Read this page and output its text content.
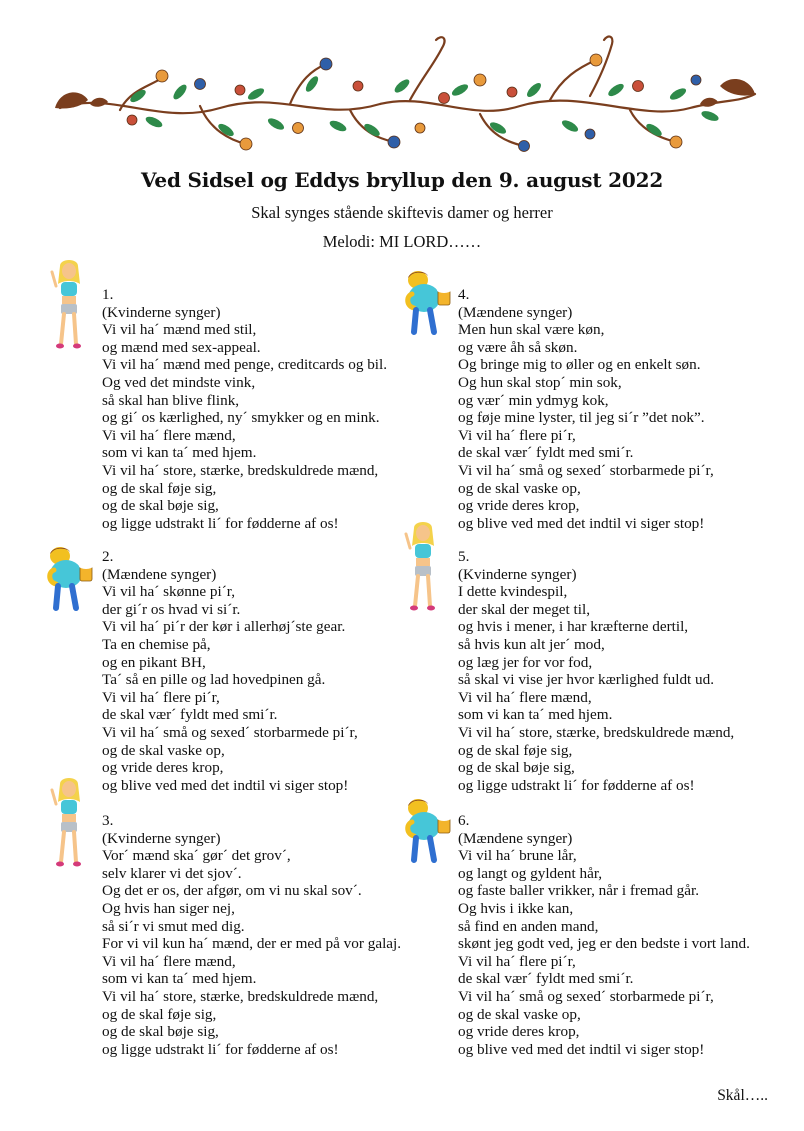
Ved Sidsel og Eddys bryllup den 9. august 2022
Skal synges stående skiftevis damer og herrer
Melodi: MI LORD……
1.
(Kvinderne synger)
Vi vil ha´ mænd med stil,
og mænd med sex-appeal.
Vi vil ha´ mænd med penge, creditcards og bil.
Og ved det mindste vink,
så skal han blive flink,
og gi´ os kærlighed, ny´ smykker og en mink.
Vi vil ha´ flere mænd,
som vi kan ta´ med hjem.
Vi vil ha´ store, stærke, bredskuldrede mænd,
og de skal føje sig,
og de skal bøje sig,
og ligge udstrakt li´ for fødderne af os!
2.
(Mændene synger)
Vi vil ha´ skønne pi´r,
der gi´r os hvad vi si´r.
Vi vil ha´ pi´r der kør i allerhøj´ste gear.
Ta en chemise på,
og en pikant BH,
Ta´ så en pille og lad hovedpinen gå.
Vi vil ha´ flere pi´r,
de skal vær´ fyldt med smi´r.
Vi vil ha´ små og sexed´ storbarmede pi´r,
og de skal vaske op,
og vride deres krop,
og blive ved med det indtil vi siger stop!
3.
(Kvinderne synger)
Vor´ mænd ska´ gør´ det grov´,
selv klarer vi det sjov´.
Og det er os, der afgør, om vi nu skal sov´.
Og hvis han siger nej,
så si´r vi smut med dig.
For vi vil kun ha´ mænd, der er med på vor galaj.
Vi vil ha´ flere mænd,
som vi kan ta´ med hjem.
Vi vil ha´ store, stærke, bredskuldrede mænd,
og de skal føje sig,
og de skal bøje sig,
og ligge udstrakt li´ for fødderne af os!
4.
(Mændene synger)
Men hun skal være køn,
og være åh så skøn.
Og bringe mig to øller og en enkelt søn.
Og hun skal stop´ min sok,
og vær´ min ydmyg kok,
og føje mine lyster, til jeg si´r ”det nok”.
Vi vil ha´ flere pi´r,
de skal vær´ fyldt med smi´r.
Vi vil ha´ små og sexed´ storbarmede pi´r,
og de skal vaske op,
og vride deres krop,
og blive ved med det indtil vi siger stop!
5.
(Kvinderne synger)
I dette kvindespil,
der skal der meget til,
og hvis i mener, i har kræfterne dertil,
så hvis kun alt jer´ mod,
og læg jer for vor fod,
så skal vi vise jer hvor kærlighed fuldt ud.
Vi vil ha´ flere mænd,
som vi kan ta´ med hjem.
Vi vil ha´ store, stærke, bredskuldrede mænd,
og de skal føje sig,
og de skal bøje sig,
og ligge udstrakt li´ for fødderne af os!
6.
(Mændene synger)
Vi vil ha´ brune lår,
og langt og gyldent hår,
og faste baller vrikker, når i fremad går.
Og hvis i ikke kan,
så find en anden mand,
skønt jeg godt ved, jeg er den bedste i vort land.
Vi vil ha´ flere pi´r,
de skal vær´ fyldt med smi´r.
Vi vil ha´ små og sexed´ storbarmede pi´r,
og de skal vaske op,
og vride deres krop,
og blive ved med det indtil vi siger stop!
Skål…..
